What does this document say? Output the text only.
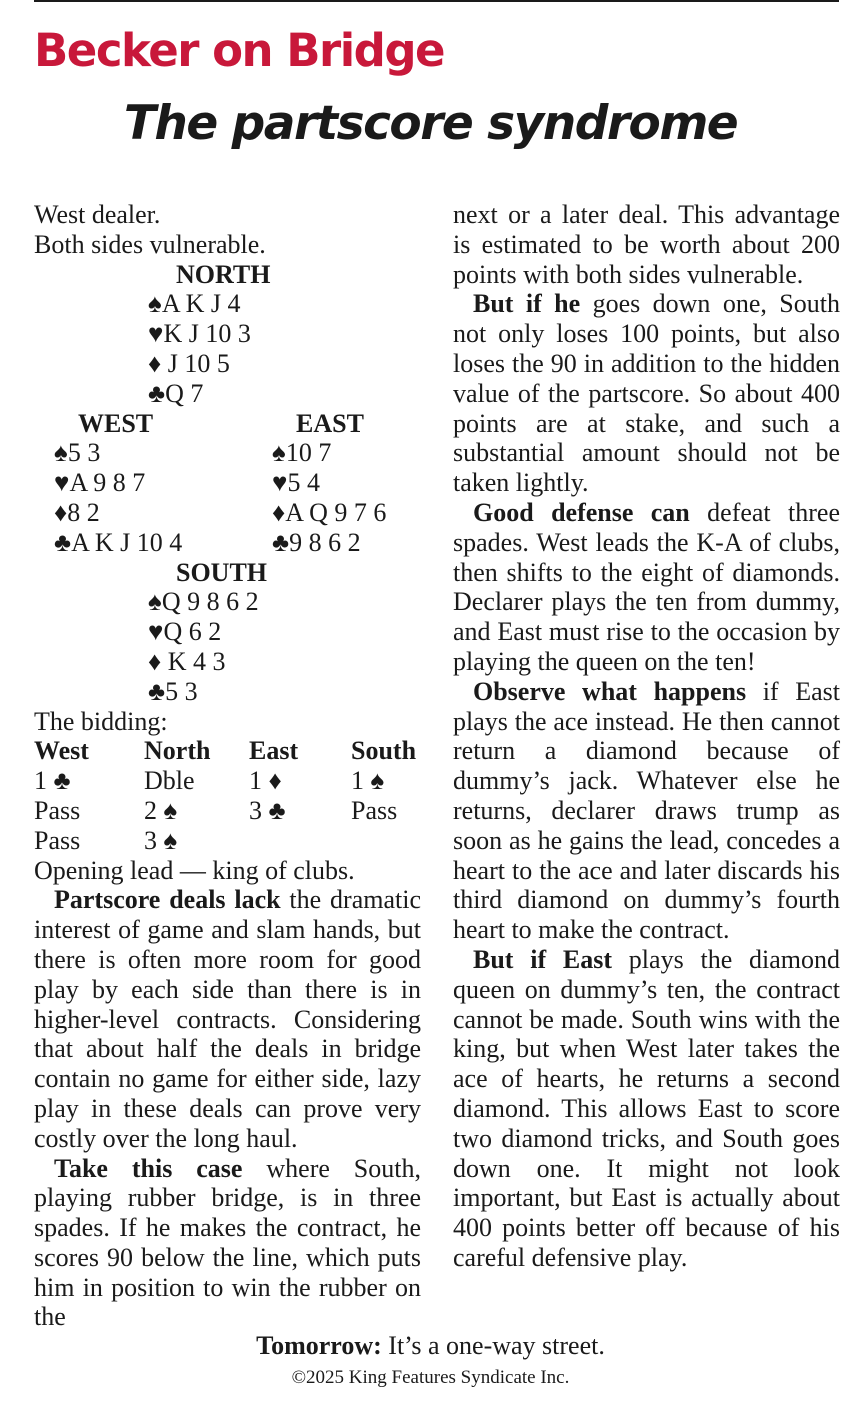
Becker on Bridge
The partscore syndrome
West dealer.
Both sides vulnerable.
NORTH
♠A K J 4
♥K J 10 3
♦ J 10 5
♣Q 7
WEST	EAST
♠5 3	♠10 7
♥A 9 8 7	♥5 4
♦8 2	♦A Q 9 7 6
♣A K J 10 4	♣9 8 6 2
SOUTH
♠Q 9 8 6 2
♥Q 6 2
♦ K 4 3
♣5 3
The bidding:
West North East South
1 ♣	Dble 1 ♦	1 ♠
Pass 2 ♠	3 ♣	Pass
Pass 3 ♠
Opening lead — king of clubs.

Partscore deals lack the dramatic interest of game and slam hands, but there is often more room for good play by each side than there is in higher-level contracts. Considering that about half the deals in bridge contain no game for either side, lazy play in these deals can prove very costly over the long haul.

Take this case where South, playing rubber bridge, is in three spades. If he makes the contract, he scores 90 below the line, which puts him in position to win the rubber on the

next or a later deal. This advantage is estimated to be worth about 200 points with both sides vulnerable.

But if he goes down one, South not only loses 100 points, but also loses the 90 in addition to the hidden value of the partscore. So about 400 points are at stake, and such a substantial amount should not be taken lightly.

Good defense can defeat three spades. West leads the K-A of clubs, then shifts to the eight of diamonds. Declarer plays the ten from dummy, and East must rise to the occasion by playing the queen on the ten!

Observe what happens if East plays the ace instead. He then cannot return a diamond because of dummy’s jack. Whatever else he returns, declarer draws trump as soon as he gains the lead, concedes a heart to the ace and later discards his third diamond on dummy’s fourth heart to make the contract.

But if East plays the diamond queen on dummy’s ten, the contract cannot be made. South wins with the king, but when West later takes the ace of hearts, he returns a second diamond. This allows East to score two diamond tricks, and South goes down one. It might not look important, but East is actually about 400 points better off because of his careful defensive play.

Tomorrow: It’s a one-way street.
©2025 King Features Syndicate Inc.
